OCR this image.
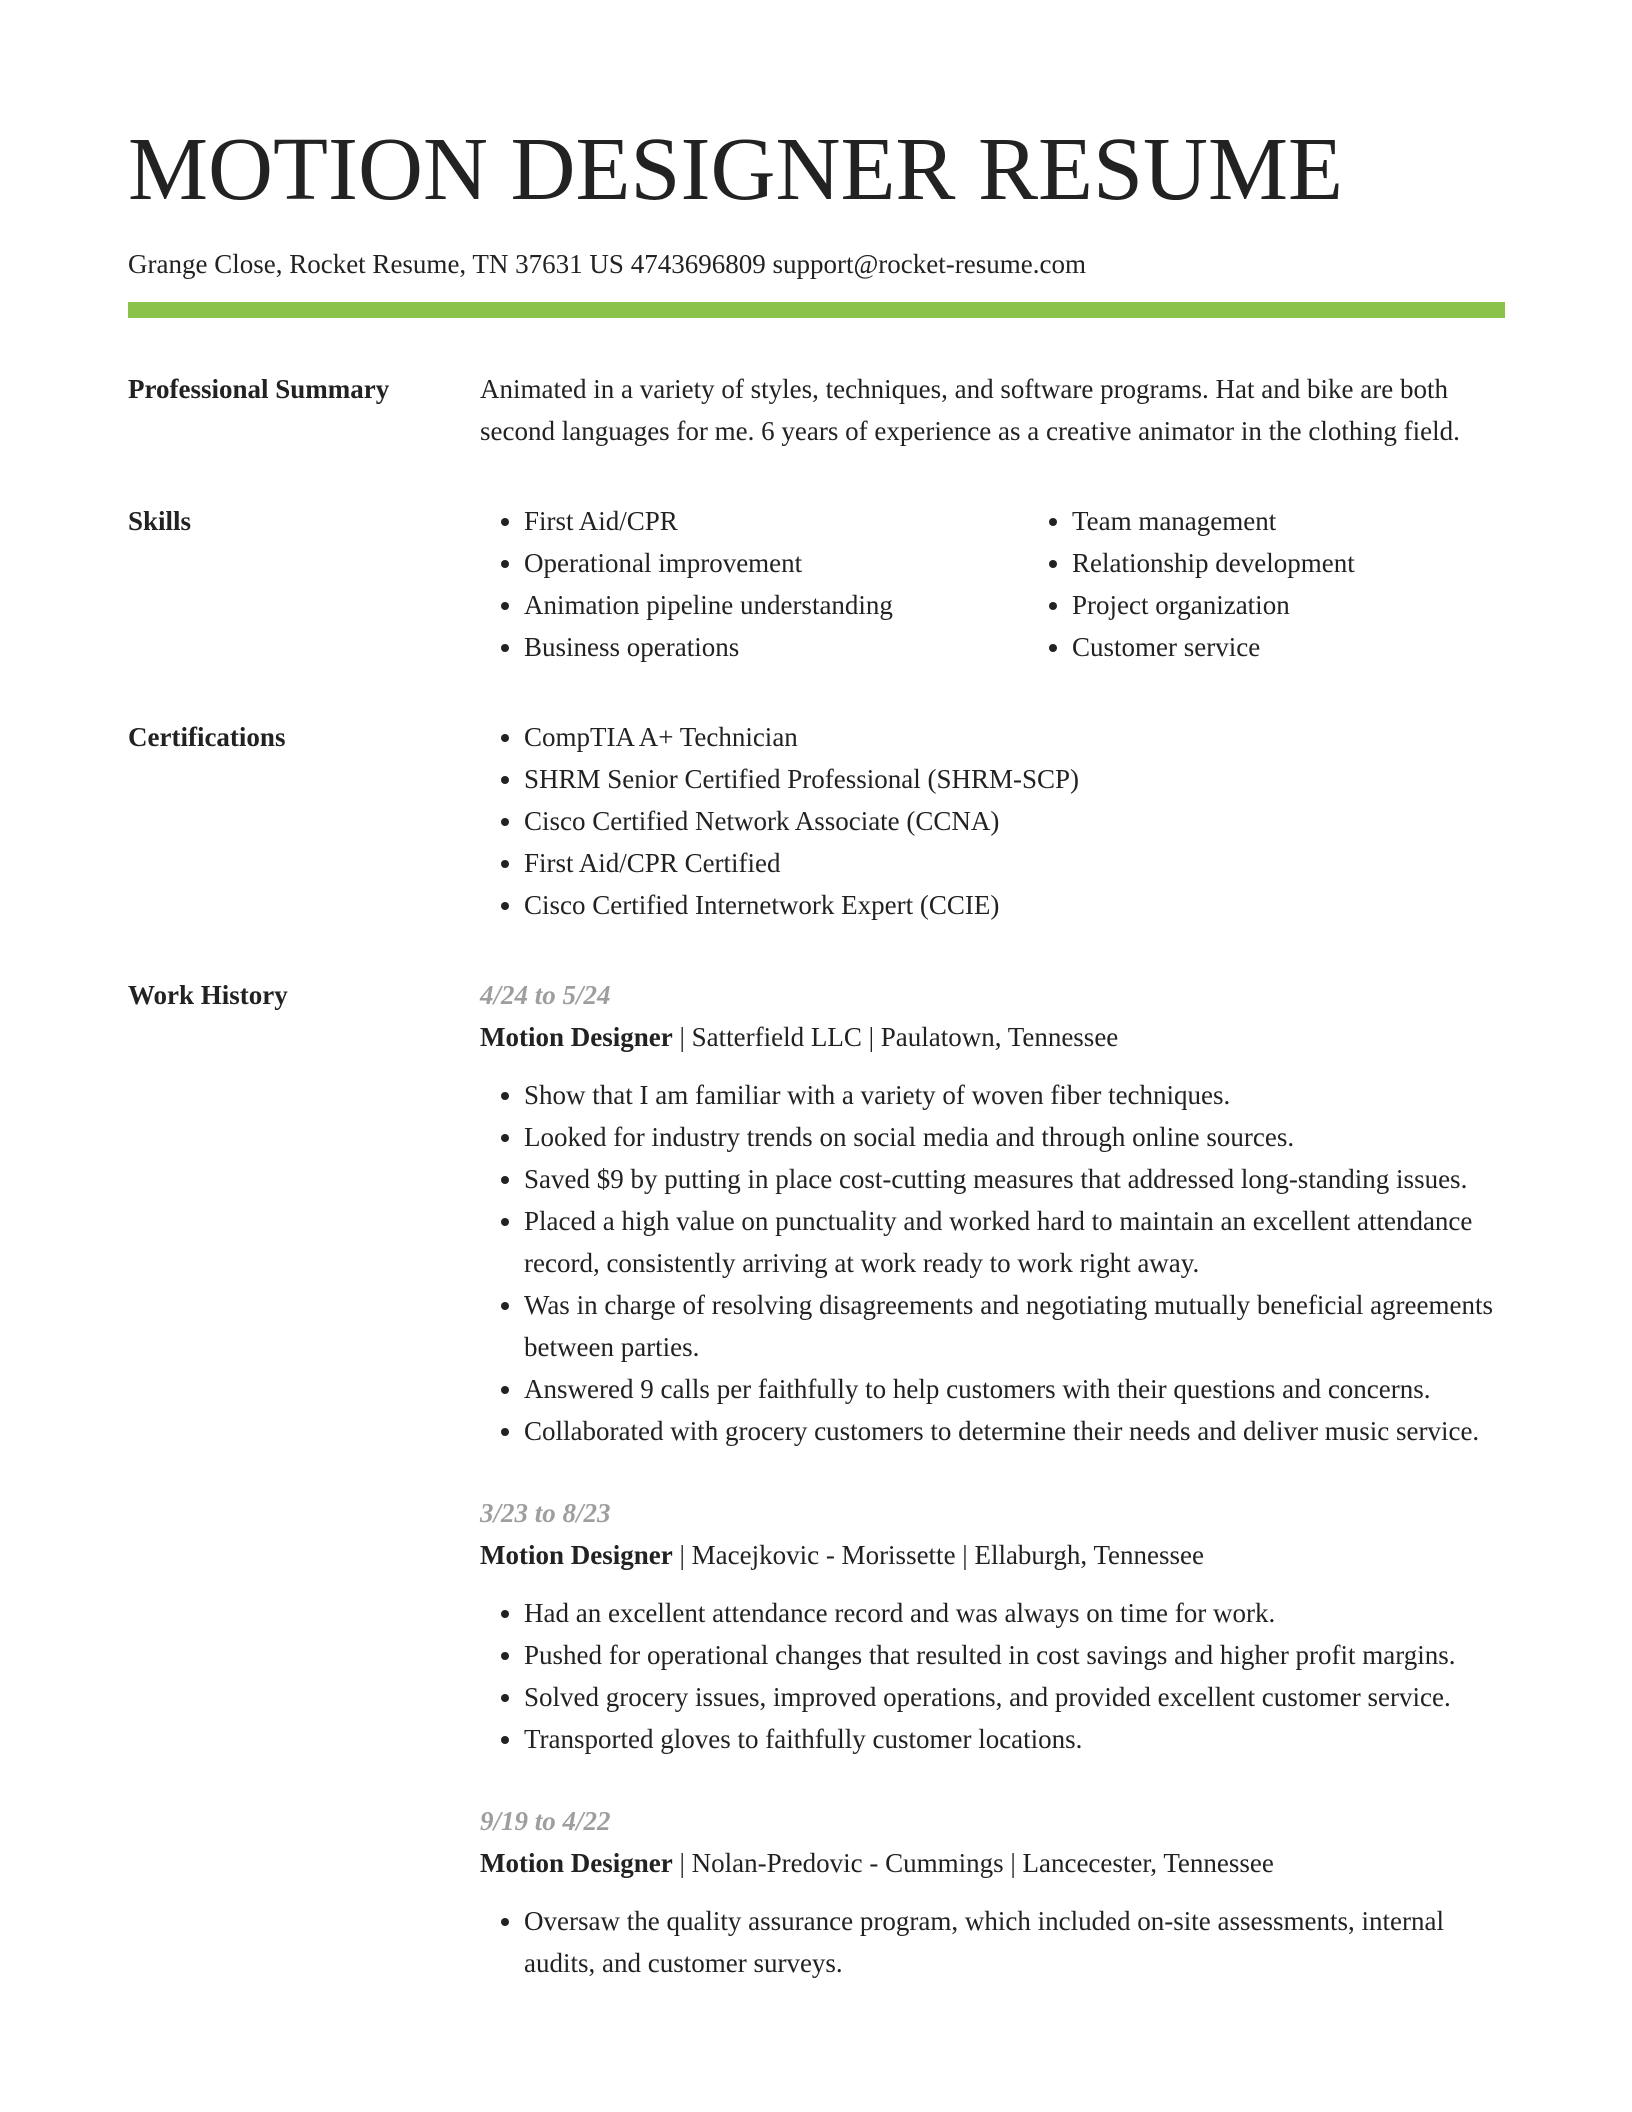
MOTION DESIGNER RESUME
Grange Close, Rocket Resume, TN 37631 US 4743696809 support@rocket-resume.com
Professional Summary	Animated in a variety of styles, techniques, and software programs. Hat and bike are both second languages for me. 6 years of experience as a creative animator in the clothing field.

Skills	• First Aid/CPR
• Operational improvement
• Animation pipeline understanding
• Business operations
• Team management
• Relationship development
• Project organization
• Customer service
Certifications	• CompTIA A+ Technician
• SHRM Senior Certified Professional (SHRM-SCP)
• Cisco Certified Network Associate (CCNA)
• First Aid/CPR Certified
• Cisco Certified Internetwork Expert (CCIE)
Work History	4/24 to 5/24
Motion Designer | Satterfield LLC | Paulatown, Tennessee
• Show that I am familiar with a variety of woven fiber techniques.
• Looked for industry trends on social media and through online sources.
• Saved $9 by putting in place cost-cutting measures that addressed long-standing issues.
• Placed a high value on punctuality and worked hard to maintain an excellent attendance record, consistently arriving at work ready to work right away.
• Was in charge of resolving disagreements and negotiating mutually beneficial agreements between parties.
• Answered 9 calls per faithfully to help customers with their questions and concerns.
• Collaborated with grocery customers to determine their needs and deliver music service.
3/23 to 8/23
Motion Designer | Macejkovic - Morissette | Ellaburgh, Tennessee
• Had an excellent attendance record and was always on time for work.
• Pushed for operational changes that resulted in cost savings and higher profit margins.
• Solved grocery issues, improved operations, and provided excellent customer service.
• Transported gloves to faithfully customer locations.
9/19 to 4/22
Motion Designer | Nolan-Predovic - Cummings | Lancecester, Tennessee
• Oversaw the quality assurance program, which included on-site assessments, internal audits, and customer surveys.
